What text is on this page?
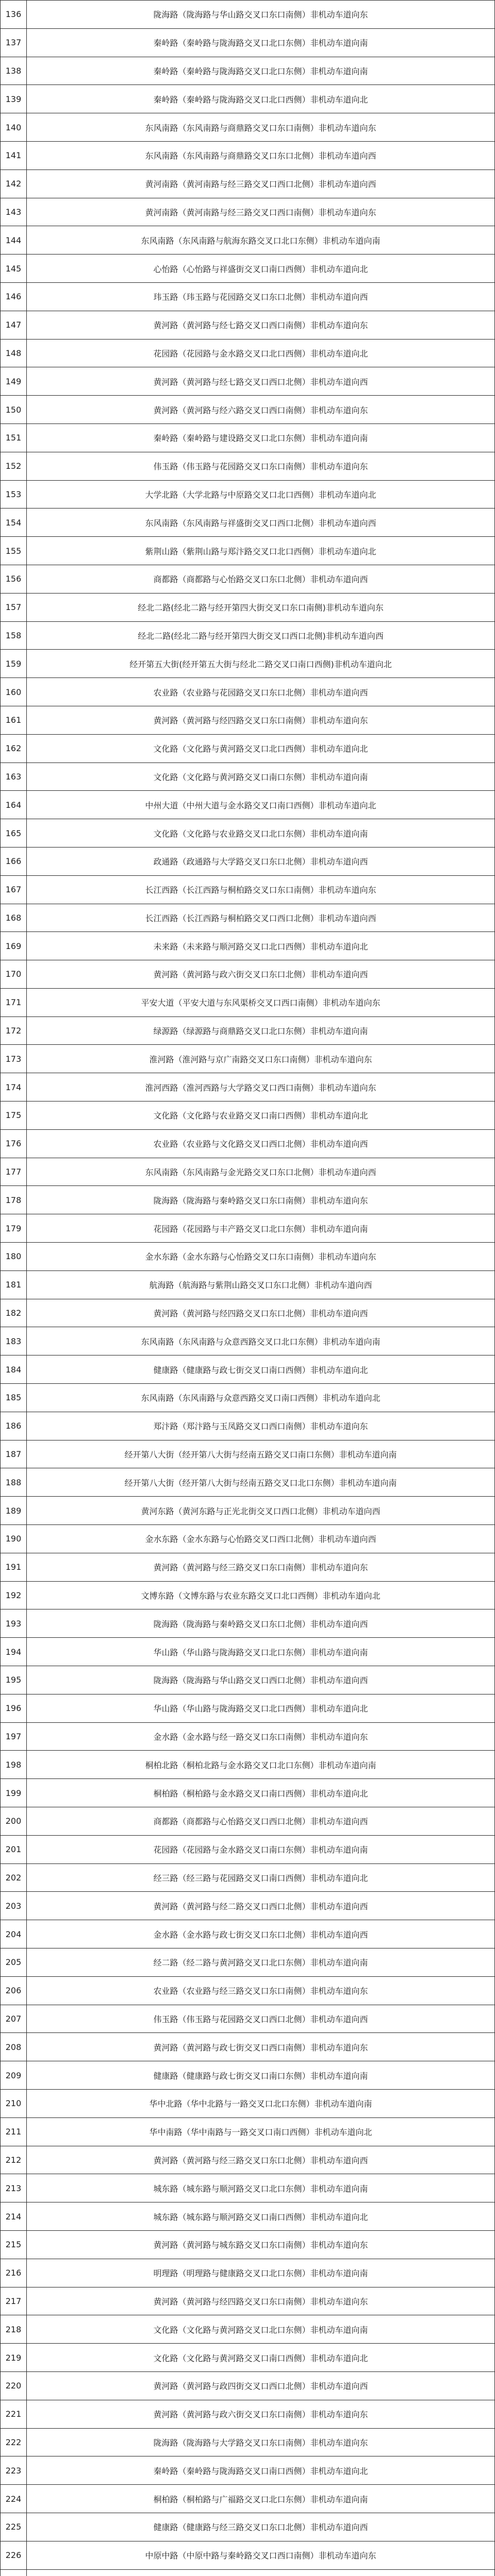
136	陇海路（陇海路与华山路交叉口东口南侧）非机动车道向东
137	秦岭路（秦岭路与陇海路交叉口北口东侧）非机动车道向南
138	秦岭路（秦岭路与陇海路交叉口北口东侧）非机动车道向南
139	秦岭路（秦岭路与陇海路交叉口北口西侧）非机动车道向北
140	东风南路（东风南路与商鼎路交叉口东口南侧）非机动车道向东
141	东风南路（东风南路与商鼎路交叉口东口北侧）非机动车道向西
142	黄河南路（黄河南路与经三路交叉口西口北侧）非机动车道向西
143	黄河南路（黄河南路与经三路交叉口西口南侧）非机动车道向东
144	东风南路（东风南路与航海东路交叉口北口东侧）非机动车道向南
145	心怡路（心怡路与祥盛街交叉口南口西侧）非机动车道向北
146	玮玉路（玮玉路与花园路交叉口东口北侧）非机动车道向西
147	黄河路（黄河路与经七路交叉口西口南侧）非机动车道向东
148	花园路（花园路与金水路交叉口北口西侧）非机动车道向北
149	黄河路（黄河路与经七路交叉口西口北侧）非机动车道向西
150	黄河路（黄河路与经六路交叉口西口南侧）非机动车道向东
151	秦岭路（秦岭路与建设路交叉口北口东侧）非机动车道向南
152	伟玉路（伟玉路与花园路交叉口东口南侧）非机动车道向东
153	大学北路（大学北路与中原路交叉口北口西侧）非机动车道向北
154	东风南路（东风南路与祥盛街交叉口西口北侧）非机动车道向西
155	紫荆山路（紫荆山路与郑汴路交叉口北口西侧）非机动车道向北
156	商都路（商都路与心怡路交叉口东口北侧）非机动车道向西
157	经北二路(经北二路与经开第四大街交叉口东口南侧)非机动车道向东
158	经北二路(经北二路与经开第四大街交叉口西口北侧)非机动车道向西
159	经开第五大街(经开第五大街与经北二路交叉口南口西侧)非机动车道向北
160	农业路（农业路与花园路交叉口东口北侧）非机动车道向西
161	黄河路（黄河路与经四路交叉口东口南侧）非机动车道向东
162	文化路（文化路与黄河路交叉口北口西侧）非机动车道向北
163	文化路（文化路与黄河路交叉口南口东侧）非机动车道向南
164	中州大道（中州大道与金水路交叉口南口西侧）非机动车道向北
165	文化路（文化路与农业路交叉口北口东侧）非机动车道向南
166	政通路（政通路与大学路交叉口东口北侧）非机动车道向西
167	长江西路（长江西路与桐柏路交叉口东口南侧）非机动车道向东
168	长江西路（长江西路与桐柏路交叉口西口北侧）非机动车道向西
169	未来路（未来路与顺河路交叉口北口西侧）非机动车道向北
170	黄河路（黄河路与政六街交叉口东口北侧）非机动车道向西
171	平安大道（平安大道与东风渠桥交叉口西口南侧）非机动车道向东
172	绿源路（绿源路与商鼎路交叉口北口东侧）非机动车道向南
173	淮河路（淮河路与京广南路交叉口东口南侧）非机动车道向东
174	淮河西路（淮河西路与大学路交叉口西口南侧）非机动车道向东
175	文化路（文化路与农业路交叉口南口西侧）非机动车道向北
176	农业路（农业路与文化路交叉口西口北侧）非机动车道向西
177	东风南路（东风南路与金光路交叉口东口北侧）非机动车道向西
178	陇海路（陇海路与秦岭路交叉口东口南侧）非机动车道向东
179	花园路（花园路与丰产路交叉口北口东侧）非机动车道向南
180	金水东路（金水东路与心怡路交叉口东口南侧）非机动车道向东
181	航海路（航海路与紫荆山路交叉口东口北侧）非机动车道向西
182	黄河路（黄河路与经四路交叉口东口北侧）非机动车道向西
183	东风南路（东风南路与众意西路交叉口北口东侧）非机动车道向南
184	健康路（健康路与政七街交叉口南口西侧）非机动车道向北
185	东风南路（东风南路与众意西路交叉口南口西侧）非机动车道向北
186	郑汴路（郑汴路与玉凤路交叉口西口南侧）非机动车道向东
187	经开第八大街（经开第八大街与经南五路交叉口南口东侧）非机动车道向南
188	经开第八大街（经开第八大街与经南五路交叉口北口东侧）非机动车道向南
189	黄河东路（黄河东路与正光北街交叉口西口北侧）非机动车道向西
190	金水东路（金水东路与心怡路交叉口西口北侧）非机动车道向西
191	黄河路（黄河路与经三路交叉口东口南侧）非机动车道向东
192	文博东路（文博东路与农业东路交叉口北口西侧）非机动车道向北
193	陇海路（陇海路与秦岭路交叉口东口北侧）非机动车道向西
194	华山路（华山路与陇海路交叉口北口东侧）非机动车道向南
195	陇海路（陇海路与华山路交叉口西口北侧）非机动车道向西
196	华山路（华山路与陇海路交叉口北口西侧）非机动车道向北
197	金水路（金水路与经一路交叉口东口南侧）非机动车道向东
198	桐柏北路（桐柏北路与金水路交叉口北口东侧）非机动车道向南
199	桐柏路（桐柏路与金水路交叉口南口西侧）非机动车道向北
200	商都路（商都路与心怡路交叉口西口北侧）非机动车道向西
201	花园路（花园路与金水路交叉口南口东侧）非机动车道向南
202	经三路（经三路与花园路交叉口南口西侧）非机动车道向北
203	黄河路（黄河路与经二路交叉口西口北侧）非机动车道向西
204	金水路（金水路与政七街交叉口东口北侧）非机动车道向西
205	经二路（经二路与黄河路交叉口北口东侧）非机动车道向南
206	农业路（农业路与经三路交叉口东口南侧）非机动车道向东
207	伟玉路（伟玉路与花园路交叉口西口北侧）非机动车道向西
208	黄河路（黄河路与政七街交叉口西口南侧）非机动车道向东
209	健康路（健康路与政七街交叉口南口东侧）非机动车道向南
210	华中北路（华中北路与一路交叉口北口东侧）非机动车道向南
211	华中南路（华中南路与一路交叉口南口西侧）非机动车道向北
212	黄河路（黄河路与经三路交叉口东口北侧）非机动车道向西
213	城东路（城东路与顺河路交叉口北口东侧）非机动车道向南
214	城东路（城东路与顺河路交叉口南口西侧）非机动车道向北
215	黄河路（黄河路与城东路交叉口东口南侧）非机动车道向东
216	明理路（明理路与健康路交叉口北口东侧）非机动车道向南
217	黄河路（黄河路与经四路交叉口东口南侧）非机动车道向东
218	文化路（文化路与黄河路交叉口北口东侧）非机动车道向南
219	文化路（文化路与黄河路交叉口南口西侧）非机动车道向北
220	黄河路（黄河路与政四街交叉口西口北侧）非机动车道向西
221	黄河路（黄河路与政六街交叉口东口南侧）非机动车道向东
222	陇海路（陇海路与大学路交叉口东口南侧）非机动车道向东
223	秦岭路（秦岭路与陇海路交叉口南口西侧）非机动车道向北
224	桐柏路（桐柏路与广福路交叉口北口东侧）非机动车道向南
225	健康路（健康路与经三路交叉口东口北侧）非机动车道向西
226	中原中路（中原中路与秦岭路交叉口西口南侧）非机动车道向东
